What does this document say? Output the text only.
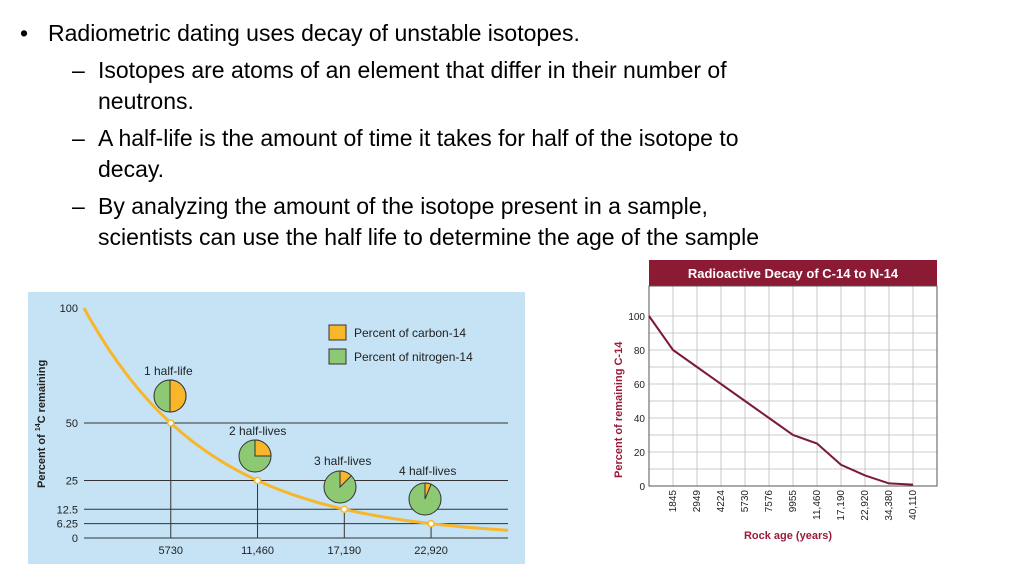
• Radiometric dating uses decay of unstable isotopes.
– Isotopes are atoms of an element that differ in their number of neutrons.
– A half-life is the amount of time it takes for half of the isotope to decay.
– By analyzing the amount of the isotope present in a sample, scientists can use the half life to determine the age of the sample
1 half-life
2 half-lives
3 half-lives
4 half-lives
100
50
25
12.5
6.25
0
5730	11,460	17,190	22,920
Percent of $^{14}$C remaining
Percent of carbon-14
Percent of nitrogen-14
Radioactive Decay of C-14 to N-14
0
20
40
60
80
100
1845 2949 4224 5730 7576 9955 11,460 17,190 22,920 34,380 40,110
Percent of remaining C-14
Rock age (years)
